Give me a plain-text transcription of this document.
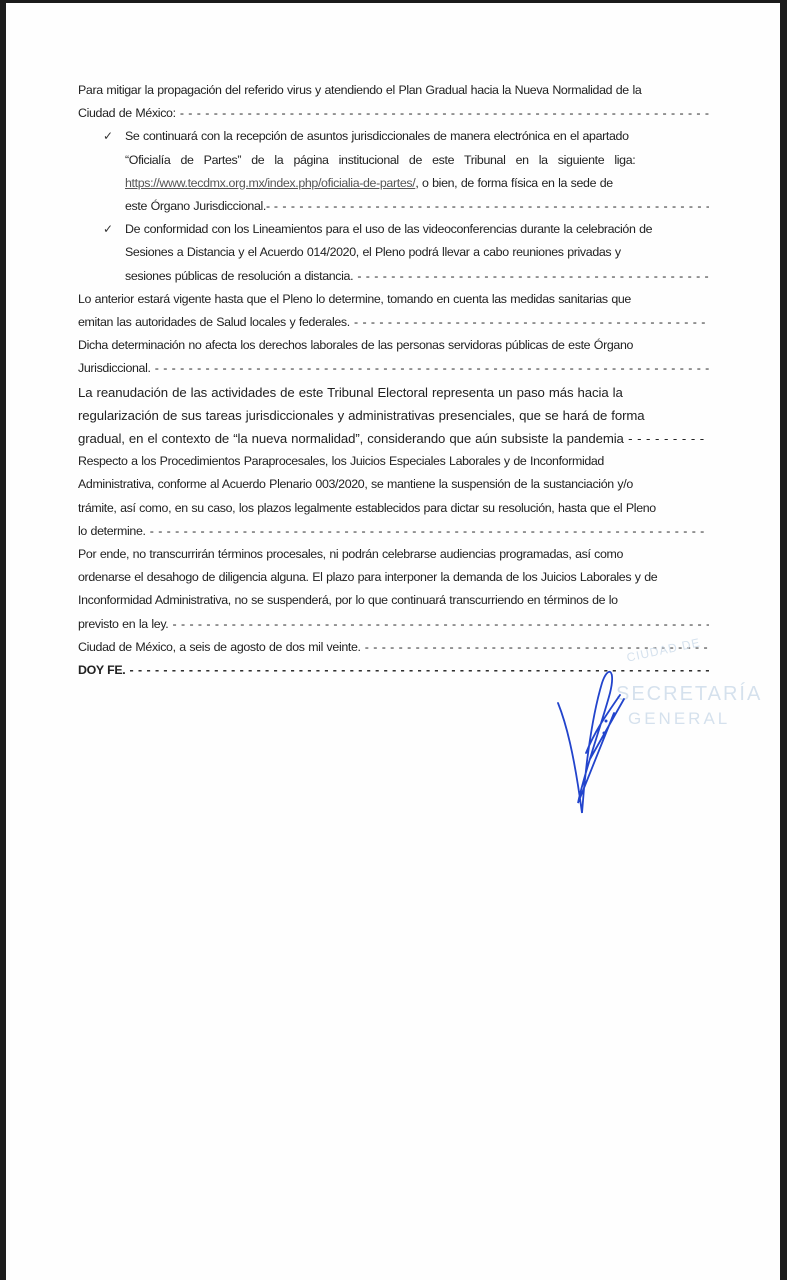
Para mitigar la propagación del referido virus y atendiendo el Plan Gradual hacia la Nueva Normalidad de la

Ciudad de México: - - -

✓ Se continuará con la recepción de asuntos jurisdiccionales de manera electrónica en el apartado

“Oficialía de Partes” de la página institucional de este Tribunal en la siguiente liga:

https://www.tecdmx.org.mx/index.php/oficialia-de-partes/, o bien, de forma física en la sede de

este Órgano Jurisdiccional.- - - -

✓ De conformidad con los Lineamientos para el uso de las videoconferencias durante la celebración de

Sesiones a Distancia y el Acuerdo 014/2020, el Pleno podrá llevar a cabo reuniones privadas y

sesiones públicas de resolución a distancia. - - -

Lo anterior estará vigente hasta que el Pleno lo determine, tomando en cuenta las medidas sanitarias que

emitan las autoridades de Salud locales y federales. - - -

Dicha determinación no afecta los derechos laborales de las personas servidoras públicas de este Órgano

Jurisdiccional. - - -

La reanudación de las actividades de este Tribunal Electoral representa un paso más hacia la

regularización de sus tareas jurisdiccionales y administrativas presenciales, que se hará de forma

gradual, en el contexto de “la nueva normalidad”, considerando que aún subsiste la pandemia - - -

Respecto a los Procedimientos Paraprocesales, los Juicios Especiales Laborales y de Inconformidad

Administrativa, conforme al Acuerdo Plenario 003/2020, se mantiene la suspensión de la sustanciación y/o

trámite, así como, en su caso, los plazos legalmente establecidos para dictar su resolución, hasta que el Pleno

lo determine. - - -

Por ende, no transcurrirán términos procesales, ni podrán celebrarse audiencias programadas, así como

ordenarse el desahogo de diligencia alguna. El plazo para interponer la demanda de los Juicios Laborales y de

Inconformidad Administrativa, no se suspenderá, por lo que continuará transcurriendo en términos de lo

previsto en la ley. - - -

Ciudad de México, a seis de agosto de dos mil veinte. - - -

DOY FE. - - -

CIUDAD DE
SECRETARÍA
GENERAL
